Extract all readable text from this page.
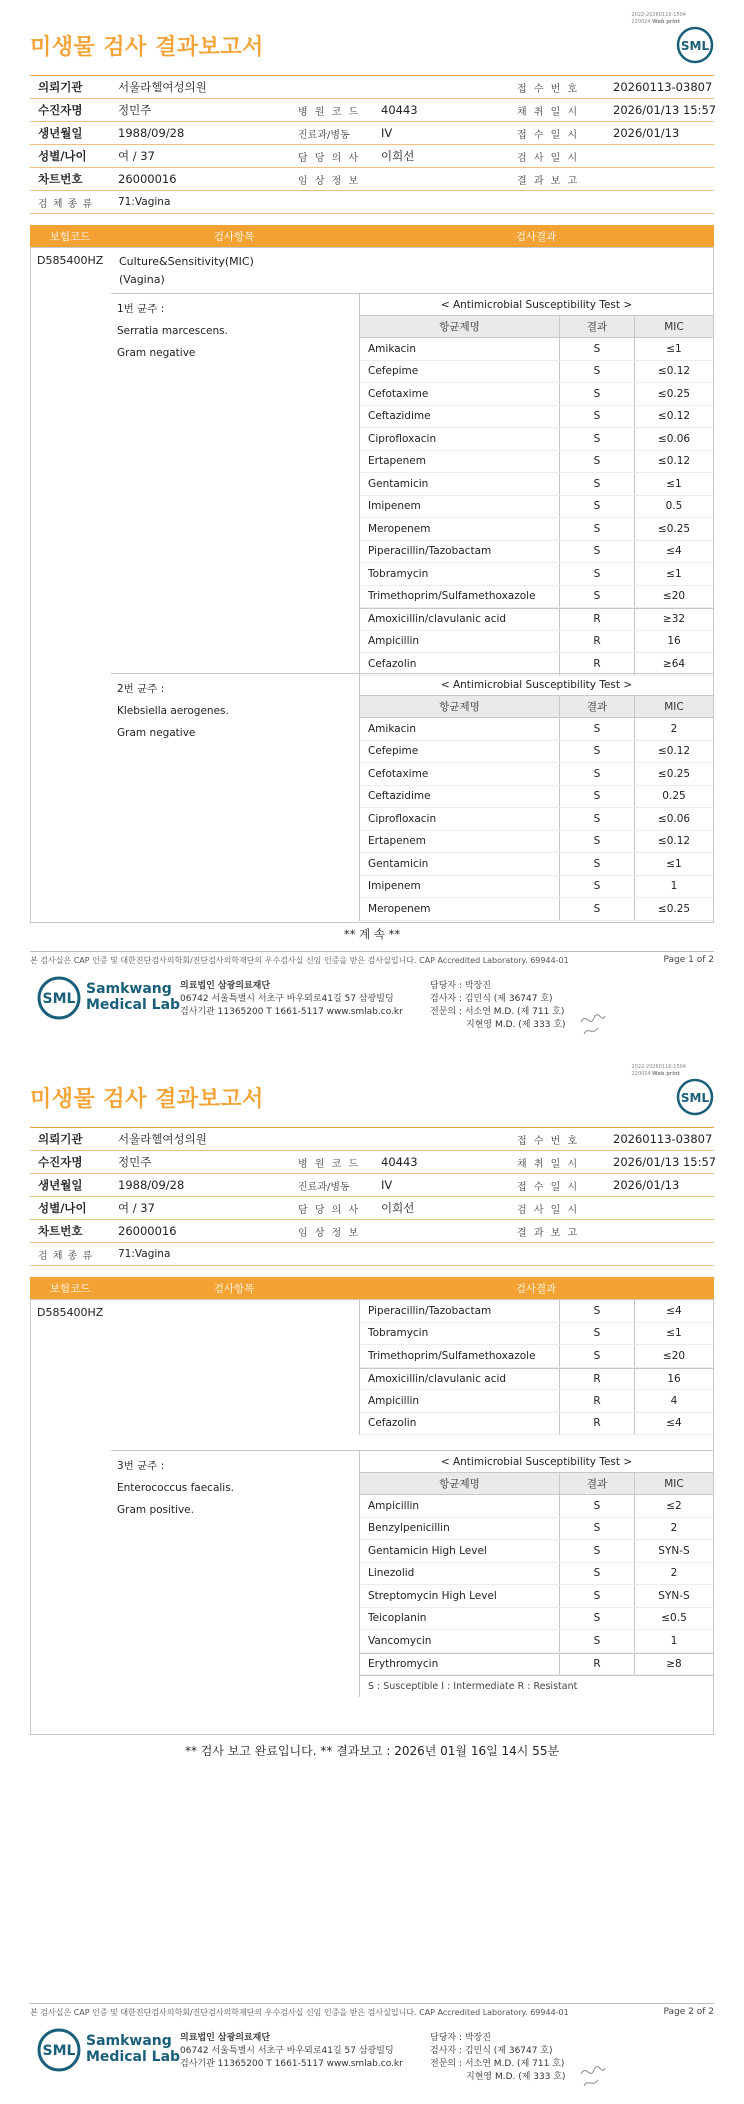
2022-20260116-1504
220024 Web print
SML
미생물 검사 결과보고서
의뢰기관	서울라헬여성의원	접 수 번 호	20260113-03807
수진자명	정민주	병 원 코 드	40443	채 취 일 시	2026/01/13 15:57
생년월일	1988/09/28	진료과/병동	IV	접 수 일 시	2026/01/13
성별/나이	여 / 37	담 당 의 사	이희선	검 사 일 시
차트번호	26000016	임 상 정 보	결 과 보 고
검 체 종 류	71:Vagina
보험코드	검사항목	검사결과
D585400HZ Culture&Sensitivity(MIC)
(Vagina)
1번 균주 :
Serratia marcescens.
Gram negative
< Antimicrobial Susceptibility Test >
항균제명	결과	MIC
Amikacin	S	≤1
Cefepime	S	≤0.12
Cefotaxime	S	≤0.25
Ceftazidime	S	≤0.12
Ciprofloxacin	S	≤0.06
Ertapenem	S	≤0.12
Gentamicin	S	≤1
Imipenem	S	0.5
Meropenem	S	≤0.25
Piperacillin/Tazobactam	S	≤4
Tobramycin	S	≤1
Trimethoprim/Sulfamethoxazole	S	≤20
Amoxicillin/clavulanic acid	R	≥32
Ampicillin	R	16
Cefazolin	R	≥64
2번 균주 :
Klebsiella aerogenes.
Gram negative
< Antimicrobial Susceptibility Test >
항균제명	결과	MIC
Amikacin	S	2
Cefepime	S	≤0.12
Cefotaxime	S	≤0.25
Ceftazidime	S	0.25
Ciprofloxacin	S	≤0.06
Ertapenem	S	≤0.12
Gentamicin	S	≤1
Imipenem	S	1
Meropenem	S	≤0.25
** 계 속 **
본 검사실은 CAP 인증 및 대한진단검사의학회/진단검사의학재단의 우수검사실 신임 인증을 받은 검사실입니다. CAP Accredited Laboratory. 69944-01	Page 1 of 2
SML
Samkwang
Medical Lab
의료법인 삼광의료재단
06742 서울특별시 서초구 바우뫼로41길 57 삼광빌딩
검사기관 11365200 T 1661-5117 www.smlab.co.kr
담당자 : 박장진
검사자 : 김민식 (제 36747 호)
전문의 : 서소연 M.D. (제 711 호)
지현영 M.D. (제 333 호)
2022-20260116-1504
220024 Web print
SML
미생물 검사 결과보고서
의뢰기관	서울라헬여성의원	접 수 번 호	20260113-03807
수진자명	정민주	병 원 코 드	40443	채 취 일 시	2026/01/13 15:57
생년월일	1988/09/28	진료과/병동	IV	접 수 일 시	2026/01/13
성별/나이	여 / 37	담 당 의 사	이희선	검 사 일 시
차트번호	26000016	임 상 정 보	결 과 보 고
검 체 종 류	71:Vagina
보험코드	검사항목	검사결과
D585400HZ	Piperacillin/Tazobactam	S	≤4
Tobramycin	S	≤1
Trimethoprim/Sulfamethoxazole	S	≤20
Amoxicillin/clavulanic acid	R	16
Ampicillin	R	4
Cefazolin	R	≤4
3번 균주 :
Enterococcus faecalis.
Gram positive.
< Antimicrobial Susceptibility Test >
항균제명	결과	MIC
Ampicillin	S	≤2
Benzylpenicillin	S	2
Gentamicin High Level	S	SYN-S
Linezolid	S	2
Streptomycin High Level	S	SYN-S
Teicoplanin	S	≤0.5
Vancomycin	S	1
Erythromycin	R	≥8
S : Susceptible I : Intermediate R : Resistant
** 검사 보고 완료입니다. ** 결과보고 : 2026년 01월 16일 14시 55분
본 검사실은 CAP 인증 및 대한진단검사의학회/진단검사의학재단의 우수검사실 신임 인증을 받은 검사실입니다. CAP Accredited Laboratory. 69944-01	Page 2 of 2
SML
Samkwang
Medical Lab
의료법인 삼광의료재단
06742 서울특별시 서초구 바우뫼로41길 57 삼광빌딩
검사기관 11365200 T 1661-5117 www.smlab.co.kr
담당자 : 박장진
검사자 : 김민식 (제 36747 호)
전문의 : 서소연 M.D. (제 711 호)
지현영 M.D. (제 333 호)
